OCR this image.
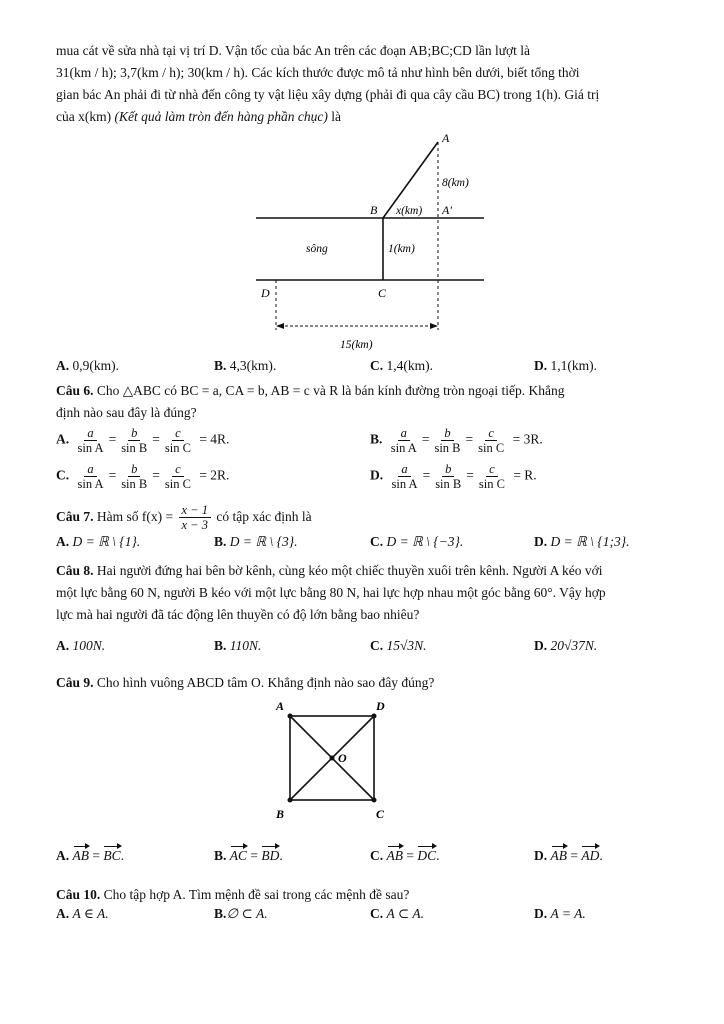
mua cát về sửa nhà tại vị trí D. Vận tốc của bác An trên các đoạn AB;BC;CD lần lượt là
31(km / h); 3,7(km / h); 30(km / h). Các kích thước được mô tả như hình bên dưới, biết tổng thời
gian bác An phải đi từ nhà đến công ty vật liệu xây dựng (phải đi qua cây cầu BC) trong 1(h). Giá trị
của x(km) (Kết quả làm tròn đến hàng phần chục) là
A
8(km)
B x(km) A'
sông	1(km)
D	C
15(km)
A. 0,9(km).	B. 4,3(km).	C. 1,4(km).	D. 1,1(km).
Câu 6. Cho △ABC có BC = a, CA = b, AB = c và R là bán kính đường tròn ngoại tiếp. Khẳng
định nào sau đây là đúng?
A. $\frac{a}{\text{sin A}} = \frac{b}{\text{sin B}} = \frac{c}{\text{sin C}} = 4R$.	B. $\frac{a}{\text{sin A}} = \frac{b}{\text{sin B}} = \frac{c}{\text{sin C}} = 3R$.
C. $\frac{a}{\text{sin A}} = \frac{b}{\text{sin B}} = \frac{c}{\text{sin C}} = 2R$.	D. $\frac{a}{\text{sin A}} = \frac{b}{\text{sin B}} = \frac{c}{\text{sin C}} = R$.
Câu 7. Hàm số $f(x) = \frac{x - 1}{x - 3}$ có tập xác định là
A. D = ℝ \ {1}.	B. D = ℝ \ {3}.	C. D = ℝ \ {−3}.	D. D = ℝ \ {1;3}.
Câu 8. Hai người đứng hai bên bờ kênh, cùng kéo một chiếc thuyền xuôi trên kênh. Người A kéo với
một lực bằng 60 N, người B kéo với một lực bằng 80 N, hai lực hợp nhau một góc bằng 60°. Vậy hợp
lực mà hai người đã tác động lên thuyền có độ lớn bằng bao nhiêu?
A. 100N.	B. 110N.	C. 15√3N.	D. 20√37N.
Câu 9. Cho hình vuông ABCD tâm O. Khẳng định nào sao đây đúng?
A	D
O
B	C
A. AB = BC.	B. AC = BD.	C. AB = DC.	D. AB = AD.
Câu 10. Cho tập hợp A. Tìm mệnh đề sai trong các mệnh đề sau?
A. A ∈ A.	B.∅ ⊂ A.	C. A ⊂ A.	D. A = A.
